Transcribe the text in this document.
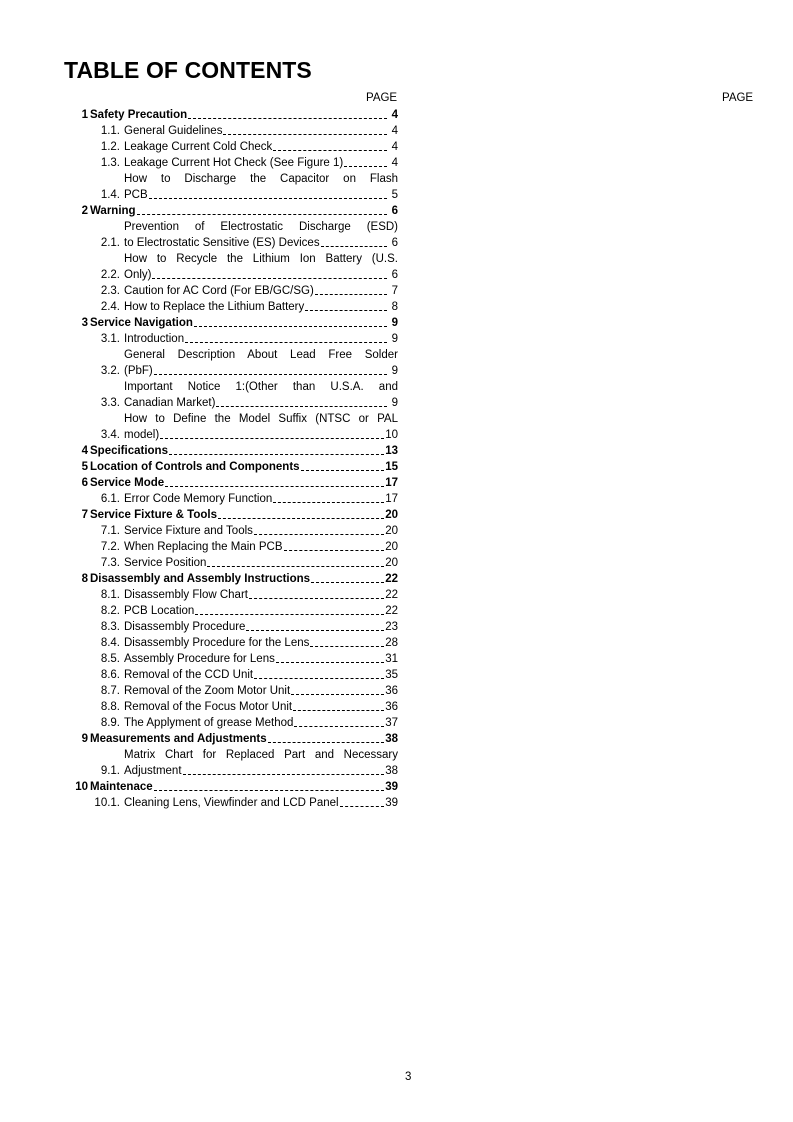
TABLE OF CONTENTS
PAGE	PAGE
1 Safety Precaution	4
1.1. General Guidelines	4
1.2. Leakage Current Cold Check	4
1.3. Leakage Current Hot Check (See Figure 1)	4
1.4.
How to Discharge the Capacitor on Flash
PCB	5
2 Warning	6
2.1.
Prevention of Electrostatic Discharge (ESD)
to Electrostatic Sensitive (ES) Devices	6
2.2.
How to Recycle the Lithium Ion Battery (U.S.
Only)	6
2.3. Caution for AC Cord (For EB/GC/SG)	7
2.4. How to Replace the Lithium Battery	8
3 Service Navigation	9
3.1. Introduction	9
3.2.
General Description About Lead Free Solder
(PbF)	9
3.3.
Important Notice 1:(Other than U.S.A. and
Canadian Market)	9
3.4.
How to Define the Model Suffix (NTSC or PAL
model)	10
4 Specifications	13
5 Location of Controls and Components	15
6 Service Mode	17
6.1. Error Code Memory Function	17
7 Service Fixture & Tools	20
7.1. Service Fixture and Tools	20
7.2. When Replacing the Main PCB	20
7.3. Service Position	20
8 Disassembly and Assembly Instructions	22
8.1. Disassembly Flow Chart	22
8.2. PCB Location	22
8.3. Disassembly Procedure	23
8.4. Disassembly Procedure for the Lens	28
8.5. Assembly Procedure for Lens	31
8.6. Removal of the CCD Unit	35
8.7. Removal of the Zoom Motor Unit	36
8.8. Removal of the Focus Motor Unit	36
8.9. The Applyment of grease Method	37
9 Measurements and Adjustments	38
9.1.
Matrix Chart for Replaced Part and Necessary
Adjustment	38
10 Maintenace	39
10.1. Cleaning Lens, Viewfinder and LCD Panel	39
3
